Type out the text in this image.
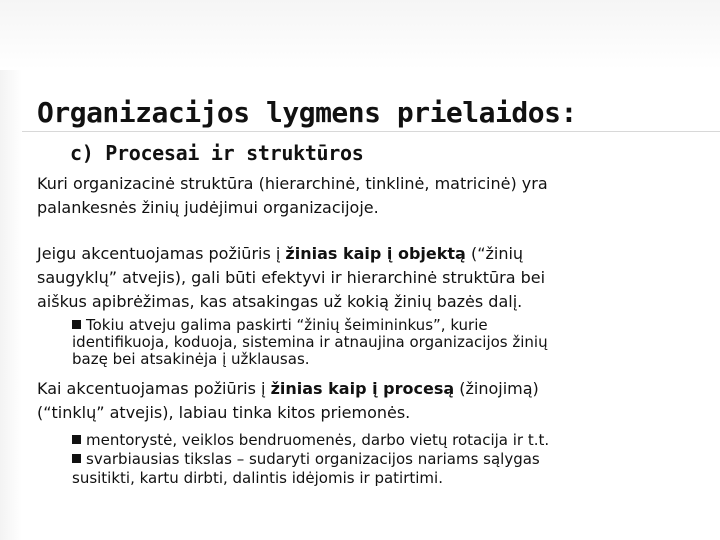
Organizacijos lygmens prielaidos:
c) Procesai ir struktūros

Kuri organizacinė struktūra (hierarchinė, tinklinė, matricinė) yra
palankesnės žinių judėjimui organizacijoje.

Jeigu akcentuojamas požiūris į žinias kaip į objektą (“žinių
saugyklų” atvejis), gali būti efektyvi ir hierarchinė struktūra bei
aiškus apibrėžimas, kas atsakingas už kokią žinių bazės dalį.

Tokiu atveju galima paskirti “žinių šeimininkus”, kurie
identifikuoja, koduoja, sistemina ir atnaujina organizacijos žinių
bazę bei atsakinėja į užklausas.

Kai akcentuojamas požiūris į žinias kaip į procesą (žinojimą)
(“tinklų” atvejis), labiau tinka kitos priemonės.

mentorystė, veiklos bendruomenės, darbo vietų rotacija ir t.t.
svarbiausias tikslas – sudaryti organizacijos nariams sąlygas
susitikti, kartu dirbti, dalintis idėjomis ir patirtimi.
